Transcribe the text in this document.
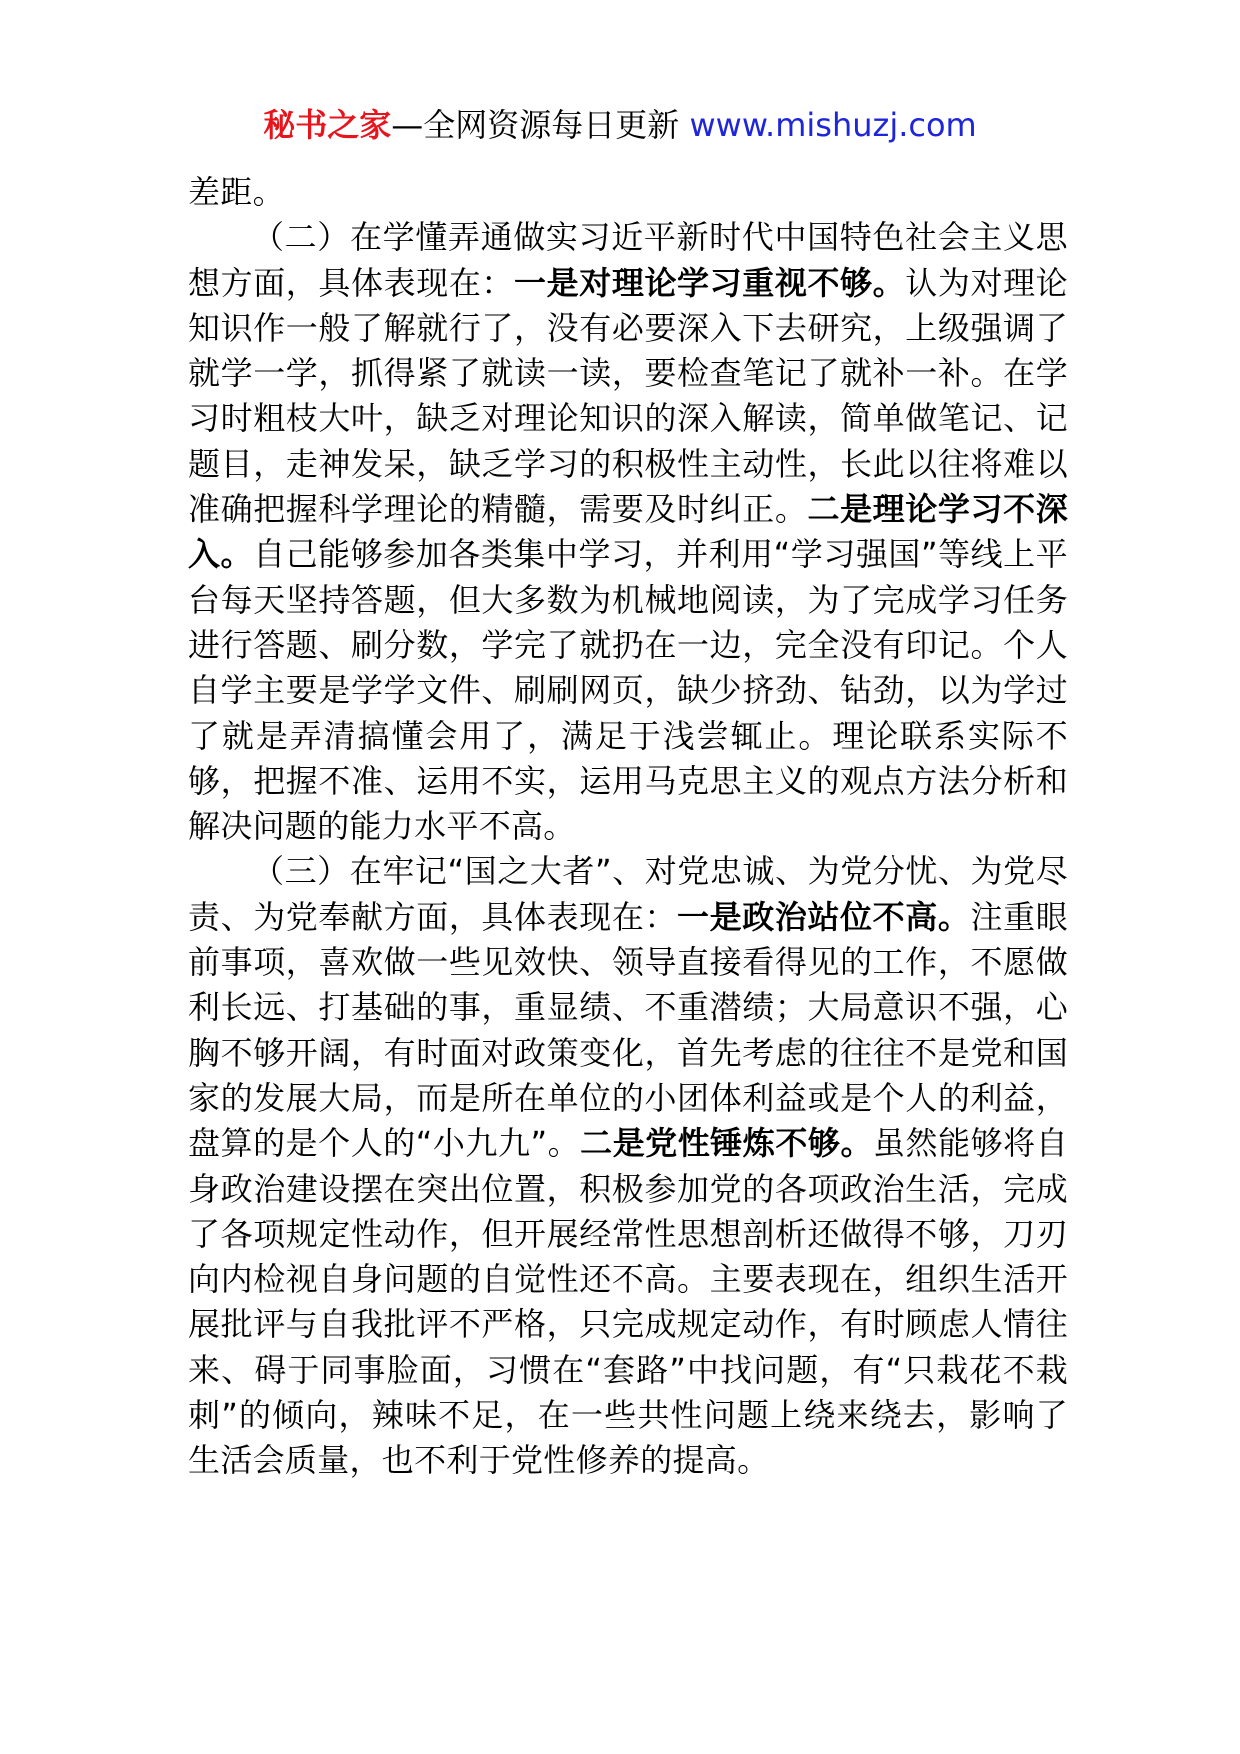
秘书之家—全网资源每日更新 www.mishuzj.com

差距。

（二）在学懂弄通做实习近平新时代中国特色社会主义思想方面，具体表现在：一是对理论学习重视不够。认为对理论知识作一般了解就行了，没有必要深入下去研究，上级强调了就学一学，抓得紧了就读一读，要检查笔记了就补一补。在学习时粗枝大叶，缺乏对理论知识的深入解读，简单做笔记、记题目，走神发呆，缺乏学习的积极性主动性，长此以往将难以准确把握科学理论的精髓，需要及时纠正。二是理论学习不深入。自己能够参加各类集中学习，并利用“学习强国”等线上平台每天坚持答题，但大多数为机械地阅读，为了完成学习任务进行答题、刷分数，学完了就扔在一边，完全没有印记。个人自学主要是学学文件、刷刷网页，缺少挤劲、钻劲，以为学过了就是弄清搞懂会用了，满足于浅尝辄止。理论联系实际不够，把握不准、运用不实，运用马克思主义的观点方法分析和解决问题的能力水平不高。

（三）在牢记“国之大者”、对党忠诚、为党分忧、为党尽责、为党奉献方面，具体表现在：一是政治站位不高。注重眼前事项，喜欢做一些见效快、领导直接看得见的工作，不愿做利长远、打基础的事，重显绩、不重潜绩；大局意识不强，心胸不够开阔，有时面对政策变化，首先考虑的往往不是党和国家的发展大局，而是所在单位的小团体利益或是个人的利益，盘算的是个人的“小九九”。二是党性锤炼不够。虽然能够将自身政治建设摆在突出位置，积极参加党的各项政治生活，完成了各项规定性动作，但开展经常性思想剖析还做得不够，刀刃向内检视自身问题的自觉性还不高。主要表现在，组织生活开展批评与自我批评不严格，只完成规定动作，有时顾虑人情往来、碍于同事脸面，习惯在“套路”中找问题，有“只栽花不栽刺”的倾向，辣味不足，在一些共性问题上绕来绕去，影响了生活会质量，也不利于党性修养的提高。
